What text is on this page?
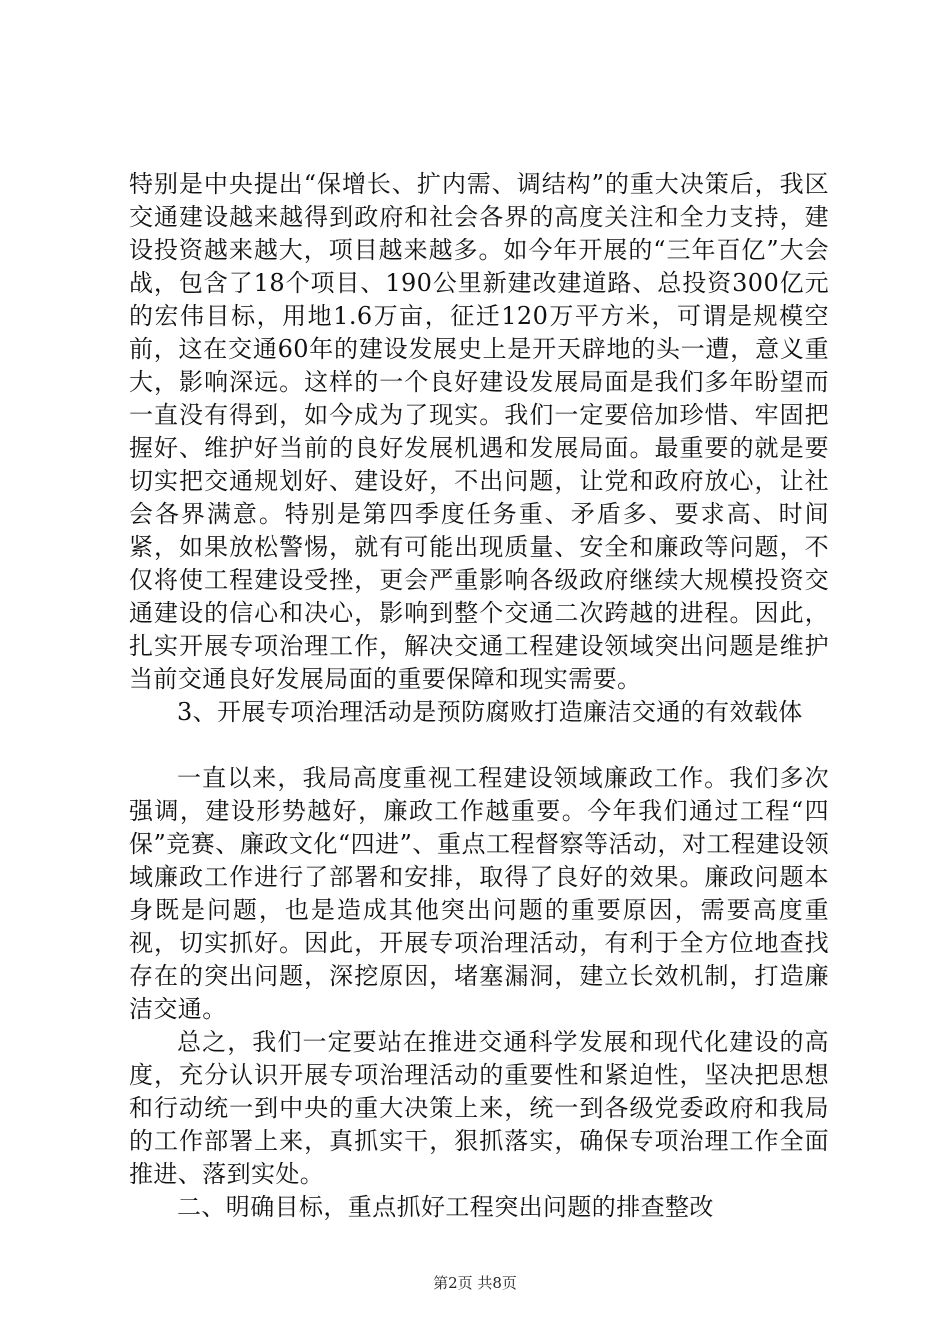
特别是中央提出“保增长、扩内需、调结构”的重大决策后，我区交通建设越来越得到政府和社会各界的高度关注和全力支持，建设投资越来越大，项目越来越多。如今年开展的“三年百亿”大会战，包含了18个项目、190公里新建改建道路、总投资300亿元的宏伟目标，用地1.6万亩，征迁120万平方米，可谓是规模空前，这在交通60年的建设发展史上是开天辟地的头一遭，意义重大，影响深远。这样的一个良好建设发展局面是我们多年盼望而一直没有得到，如今成为了现实。我们一定要倍加珍惜、牢固把握好、维护好当前的良好发展机遇和发展局面。最重要的就是要切实把交通规划好、建设好，不出问题，让党和政府放心，让社会各界满意。特别是第四季度任务重、矛盾多、要求高、时间紧，如果放松警惕，就有可能出现质量、安全和廉政等问题，不仅将使工程建设受挫，更会严重影响各级政府继续大规模投资交通建设的信心和决心，影响到整个交通二次跨越的进程。因此，扎实开展专项治理工作，解决交通工程建设领域突出问题是维护当前交通良好发展局面的重要保障和现实需要。

3、开展专项治理活动是预防腐败打造廉洁交通的有效载体

一直以来，我局高度重视工程建设领域廉政工作。我们多次强调，建设形势越好，廉政工作越重要。今年我们通过工程“四保”竞赛、廉政文化“四进”、重点工程督察等活动，对工程建设领域廉政工作进行了部署和安排，取得了良好的效果。廉政问题本身既是问题，也是造成其他突出问题的重要原因，需要高度重视，切实抓好。因此，开展专项治理活动，有利于全方位地查找存在的突出问题，深挖原因，堵塞漏洞，建立长效机制，打造廉洁交通。

总之，我们一定要站在推进交通科学发展和现代化建设的高度，充分认识开展专项治理活动的重要性和紧迫性，坚决把思想和行动统一到中央的重大决策上来，统一到各级党委政府和我局的工作部署上来，真抓实干，狠抓落实，确保专项治理工作全面推进、落到实处。

二、明确目标，重点抓好工程突出问题的排查整改

第2页 共8页
